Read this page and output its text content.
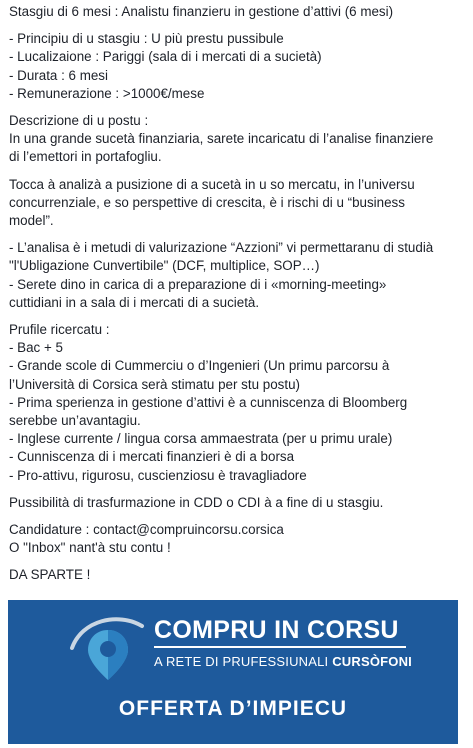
Stasgiu di 6 mesi : Analistu finanzieru in gestione d’attivi (6 mesi)

- Principiu di u stasgiu : U più prestu pussibule
- Lucalizaione : Pariggi (sala di i mercati di a sucietà)
- Durata : 6 mesi
- Remunerazione : >1000€/mese

Descrizione di u postu :
In una grande sucetà finanziaria, sarete incaricatu di l’analise finanziere
di l’emettori in portafogliu.

Tocca à analizà a pusizione di a sucetà in u so mercatu, in l’universu
concurrenziale, e so perspettive di crescita, è i rischi di u “business
model”.

- L’analisa è i metudi di valurizazione “Azzioni” vi permettaranu di studià
"l'Ubligazione Cunvertibile" (DCF, multiplice, SOP…)
- Serete dino in carica di a preparazione di i «morning-meeting»
cuttidiani in a sala di i mercati di a sucietà.

Prufile ricercatu :
- Bac + 5
- Grande scole di Cummerciu o d’Ingenieri (Un primu parcorsu à
l’Università di Corsica serà stimatu per stu postu)
- Prima sperienza in gestione d’attivi è a cunniscenza di Bloomberg
serebbe un’avantagiu.
- Inglese currente / lingua corsa ammaestrata (per u primu urale)
- Cunniscenza di i mercati finanzieri è di a borsa
- Pro-attivu, rigurosu, cuscienziosu è travagliadore

Pussibilità di trasfurmazione in CDD o CDI à a fine di u stasgiu.

Candidature : contact@compruincorsu.corsica
O "Inbox" nant'à stu contu !

DA SPARTE !

COMPRU IN CORSU
A RETE DI PRUFESSIUNALI CURSÒFONI
OFFERTA D’IMPIECU
